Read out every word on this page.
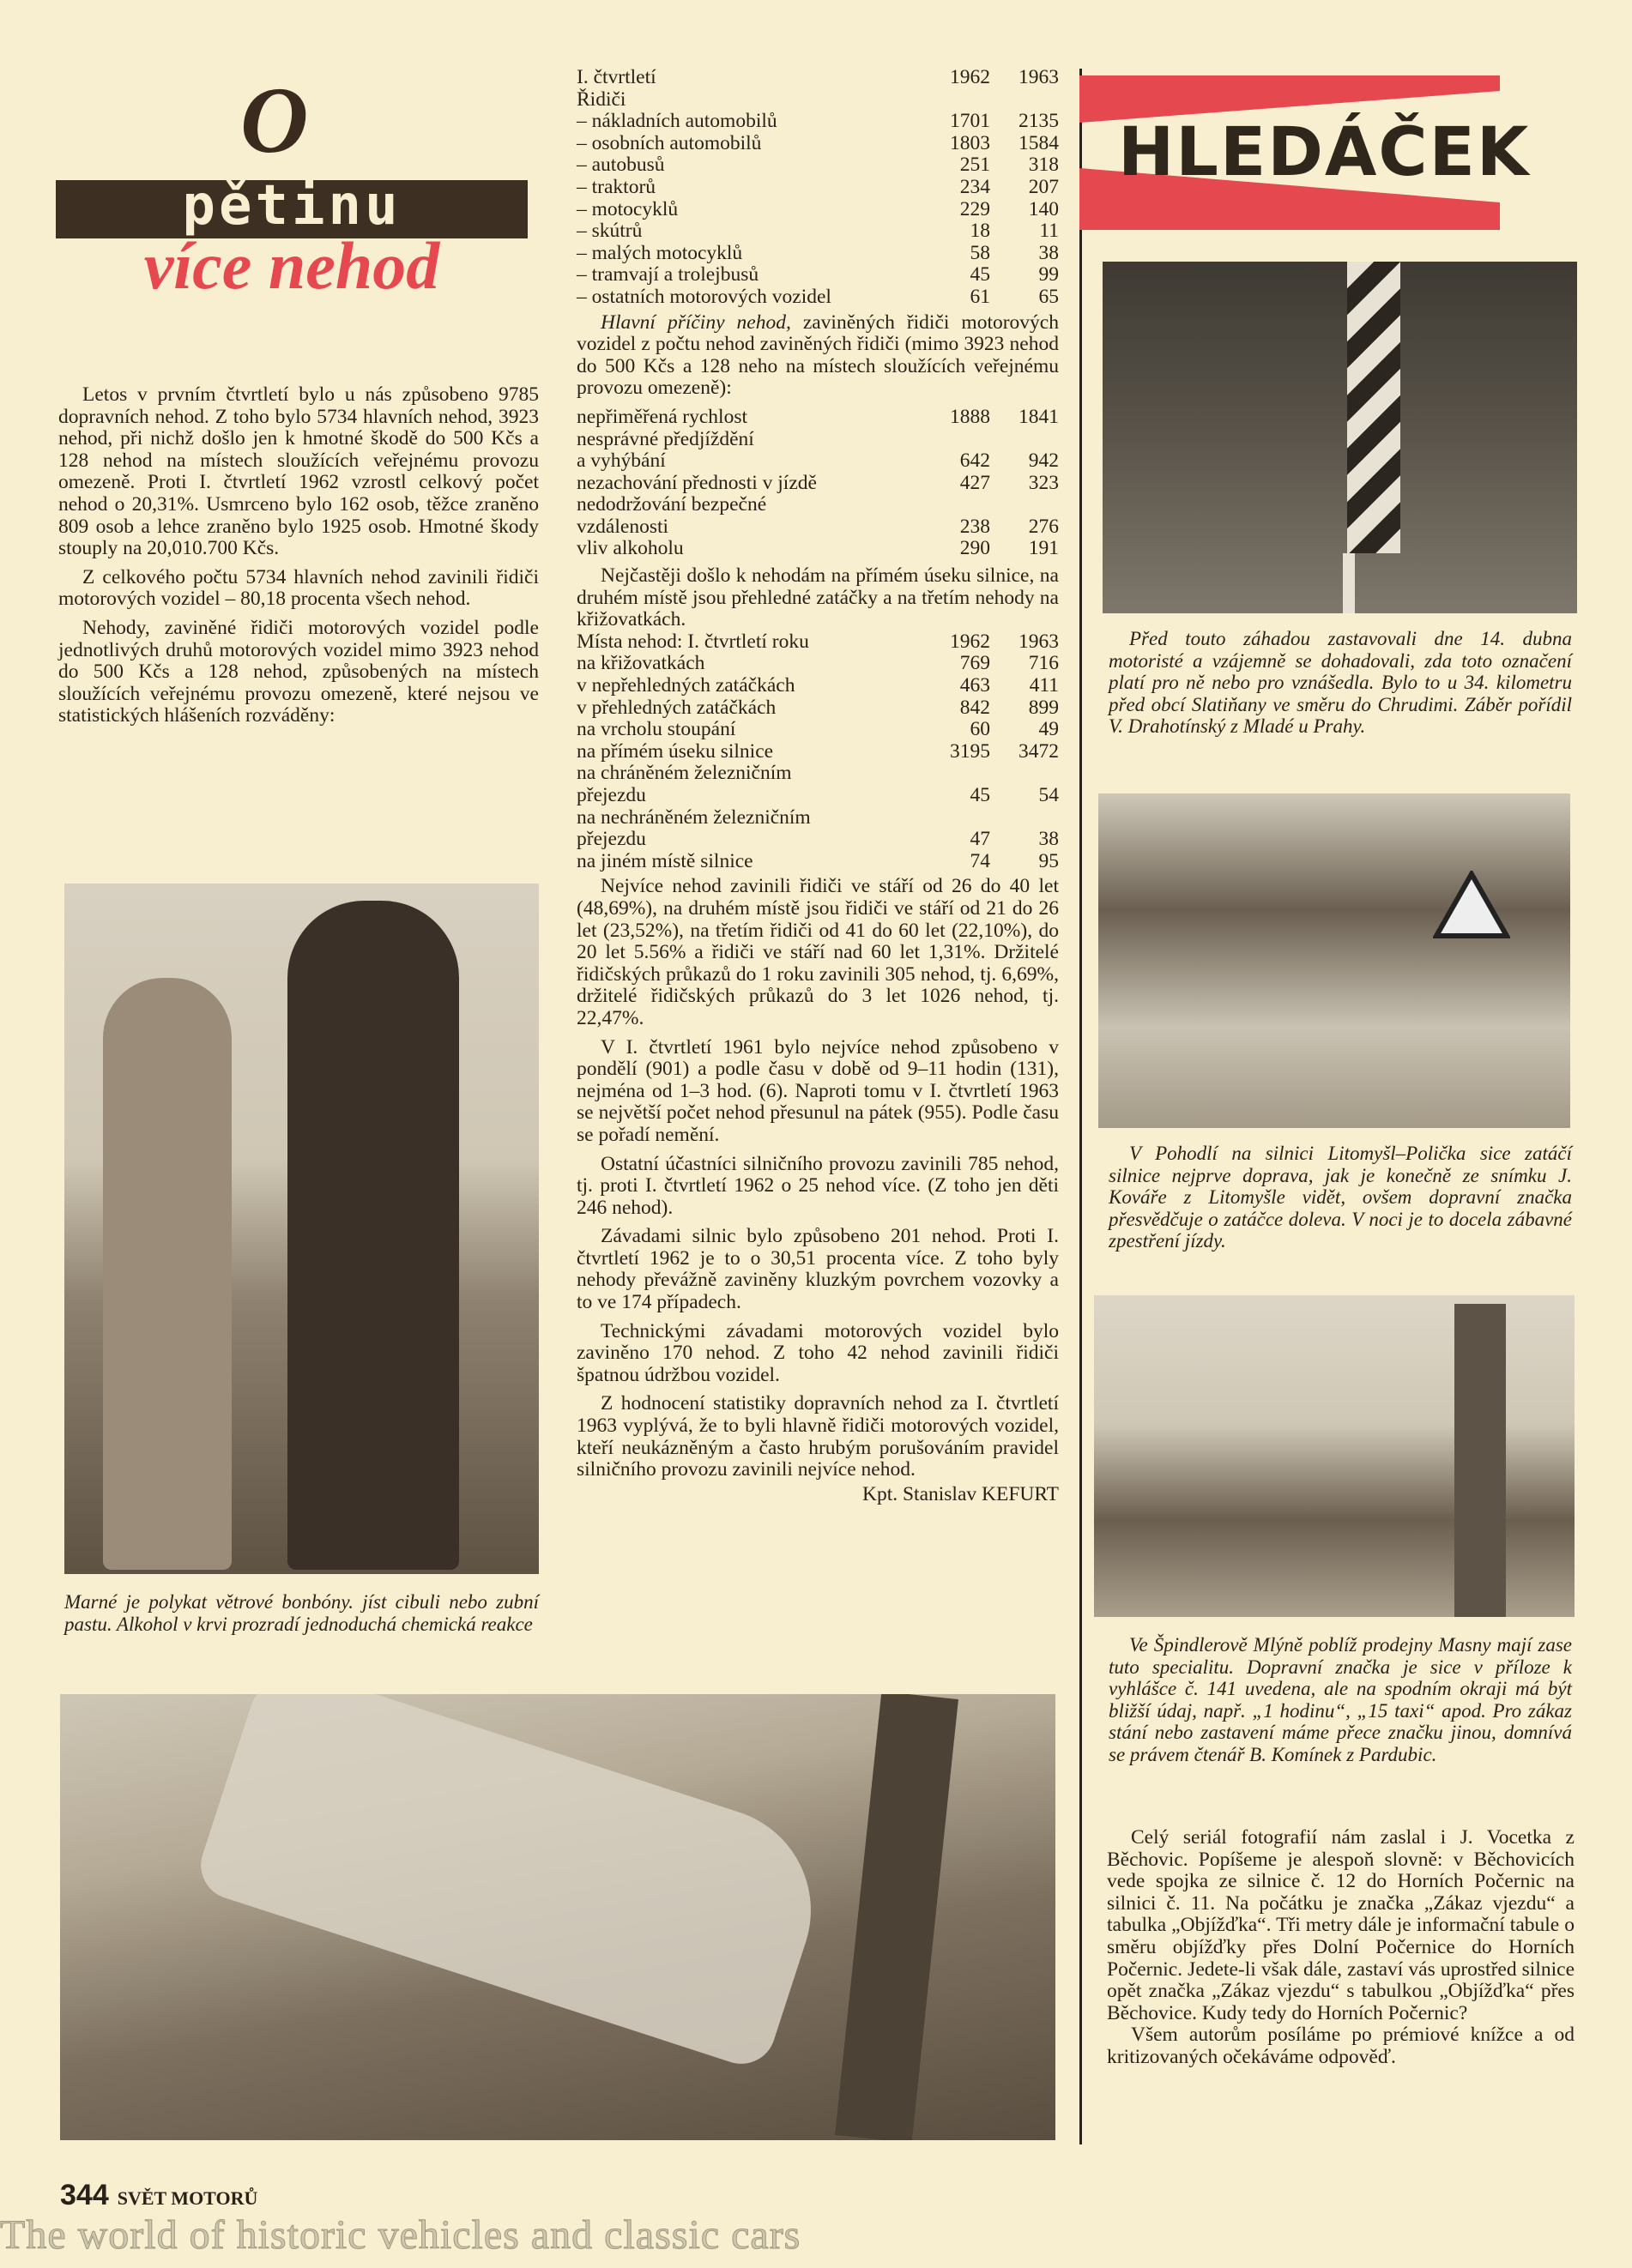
O
pětinu
více nehod

Letos v prvním čtvrtletí bylo u nás způsobeno 9785 dopravních nehod. Z toho bylo 5734 hlavních nehod, 3923 nehod, při nichž došlo jen k hmotné škodě do 500 Kčs a 128 nehod na místech sloužících veřejnému provozu omezeně. Proti I. čtvrtletí 1962 vzrostl celkový počet nehod o 20,31%. Usmrceno bylo 162 osob, těžce zraněno 809 osob a lehce zraněno bylo 1925 osob. Hmotné škody stouply na 20,010.700 Kčs.

Z celkového počtu 5734 hlavních nehod zavinili řidiči motorových vozidel – 80,18 procenta všech nehod.

Nehody, zaviněné řidiči motorových vozidel podle jednotlivých druhů motorových vozidel mimo 3923 nehod do 500 Kčs a 128 nehod, způsobených na místech sloužících veřejnému provozu omezeně, které nejsou ve statistických hlášeních rozváděny:

Marné je polykat větrové bonbóny. jíst cibuli nebo zubní pastu. Alkohol v krvi prozradí jednoduchá chemická reakce

I. čtvrtletí	1962	1963
Řidiči
– nákladních automobilů	1701	2135
– osobních automobilů	1803	1584
– autobusů	251	318
– traktorů	234	207
– motocyklů	229	140
– skútrů	18	11
– malých motocyklů	58	38
– tramvají a trolejbusů	45	99
– ostatních motorových vozidel	61	65

Hlavní příčiny nehod, zaviněných řidiči motorových vozidel z počtu nehod zaviněných řidiči (mimo 3923 nehod do 500 Kčs a 128 neho na místech sloužících veřejnému provozu omezeně):

nepřiměřená rychlost	1888	1841
nesprávné předjíždění
a vyhýbání	642	942
nezachování přednosti v jízdě	427	323
nedodržování bezpečné
vzdálenosti	238	276
vliv alkoholu	290	191

Nejčastěji došlo k nehodám na přímém úseku silnice, na druhém místě jsou přehledné zatáčky a na třetím nehody na křižovatkách.

Místa nehod: I. čtvrtletí roku	1962	1963
na křižovatkách	769	716
v nepřehledných zatáčkách	463	411
v přehledných zatáčkách	842	899
na vrcholu stoupání	60	49
na přímém úseku silnice	3195	3472
na chráněném železničním
přejezdu	45	54
na nechráněném železničním
přejezdu	47	38
na jiném místě silnice	74	95

Nejvíce nehod zavinili řidiči ve stáří od 26 do 40 let (48,69%), na druhém místě jsou řidiči ve stáří od 21 do 26 let (23,52%), na třetím řidiči od 41 do 60 let (22,10%), do 20 let 5.56% a řidiči ve stáří nad 60 let 1,31%. Držitelé řidičských průkazů do 1 roku zavinili 305 nehod, tj. 6,69%, držitelé řidičských průkazů do 3 let 1026 nehod, tj. 22,47%.

V I. čtvrtletí 1961 bylo nejvíce nehod způsobeno v pondělí (901) a podle času v době od 9–11 hodin (131), nejména od 1–3 hod. (6). Naproti tomu v I. čtvrtletí 1963 se největší počet nehod přesunul na pátek (955). Podle času se pořadí nemění.

Ostatní účastníci silničního provozu zavinili 785 nehod, tj. proti I. čtvrtletí 1962 o 25 nehod více. (Z toho jen děti 246 nehod).

Závadami silnic bylo způsobeno 201 nehod. Proti I. čtvrtletí 1962 je to o 30,51 procenta více. Z toho byly nehody převážně zaviněny kluzkým povrchem vozovky a to ve 174 případech.

Technickými závadami motorových vozidel bylo zaviněno 170 nehod. Z toho 42 nehod zavinili řidiči špatnou údržbou vozidel.

Z hodnocení statistiky dopravních nehod za I. čtvrtletí 1963 vyplývá, že to byli hlavně řidiči motorových vozidel, kteří neukázněným a často hrubým porušováním pravidel silničního provozu zavinili nejvíce nehod.

Kpt. Stanislav KEFURT
HLEDÁČEK

Před touto záhadou zastavovali dne 14. dubna motoristé a vzájemně se dohadovali, zda toto označení platí pro ně nebo pro vznášedla. Bylo to u 34. kilometru před obcí Slatiňany ve směru do Chrudimi. Záběr pořídil V. Drahotínský z Mladé u Prahy.

V Pohodlí na silnici Litomyšl–Polička sice zatáčí silnice nejprve doprava, jak je konečně ze snímku J. Kováře z Litomyšle vidět, ovšem dopravní značka přesvědčuje o zatáčce doleva. V noci je to docela zábavné zpestření jízdy.

Ve Špindlerově Mlýně poblíž prodejny Masny mají zase tuto specialitu. Dopravní značka je sice v příloze k vyhlášce č. 141 uvedena, ale na spodním okraji má být bližší údaj, např. „1 hodinu“, „15 taxi“ apod. Pro zákaz stání nebo zastavení máme přece značku jinou, domnívá se právem čtenář B. Komínek z Pardubic.

Celý seriál fotografií nám zaslal i J. Vocetka z Běchovic. Popíšeme je alespoň slovně: v Běchovicích vede spojka ze silnice č. 12 do Horních Počernic na silnici č. 11. Na počátku je značka „Zákaz vjezdu“ a tabulka „Objížďka“. Tři metry dále je informační tabule o směru objížďky přes Dolní Počernice do Horních Počernic. Jedete-li však dále, zastaví vás uprostřed silnice opět značka „Zákaz vjezdu“ s tabulkou „Objížďka“ přes Běchovice. Kudy tedy do Horních Počernic?

Všem autorům posíláme po prémiové knížce a od kritizovaných očekáváme odpověď.

344 SVĚT MOTORŮ
The world of historic vehicles and classic cars
